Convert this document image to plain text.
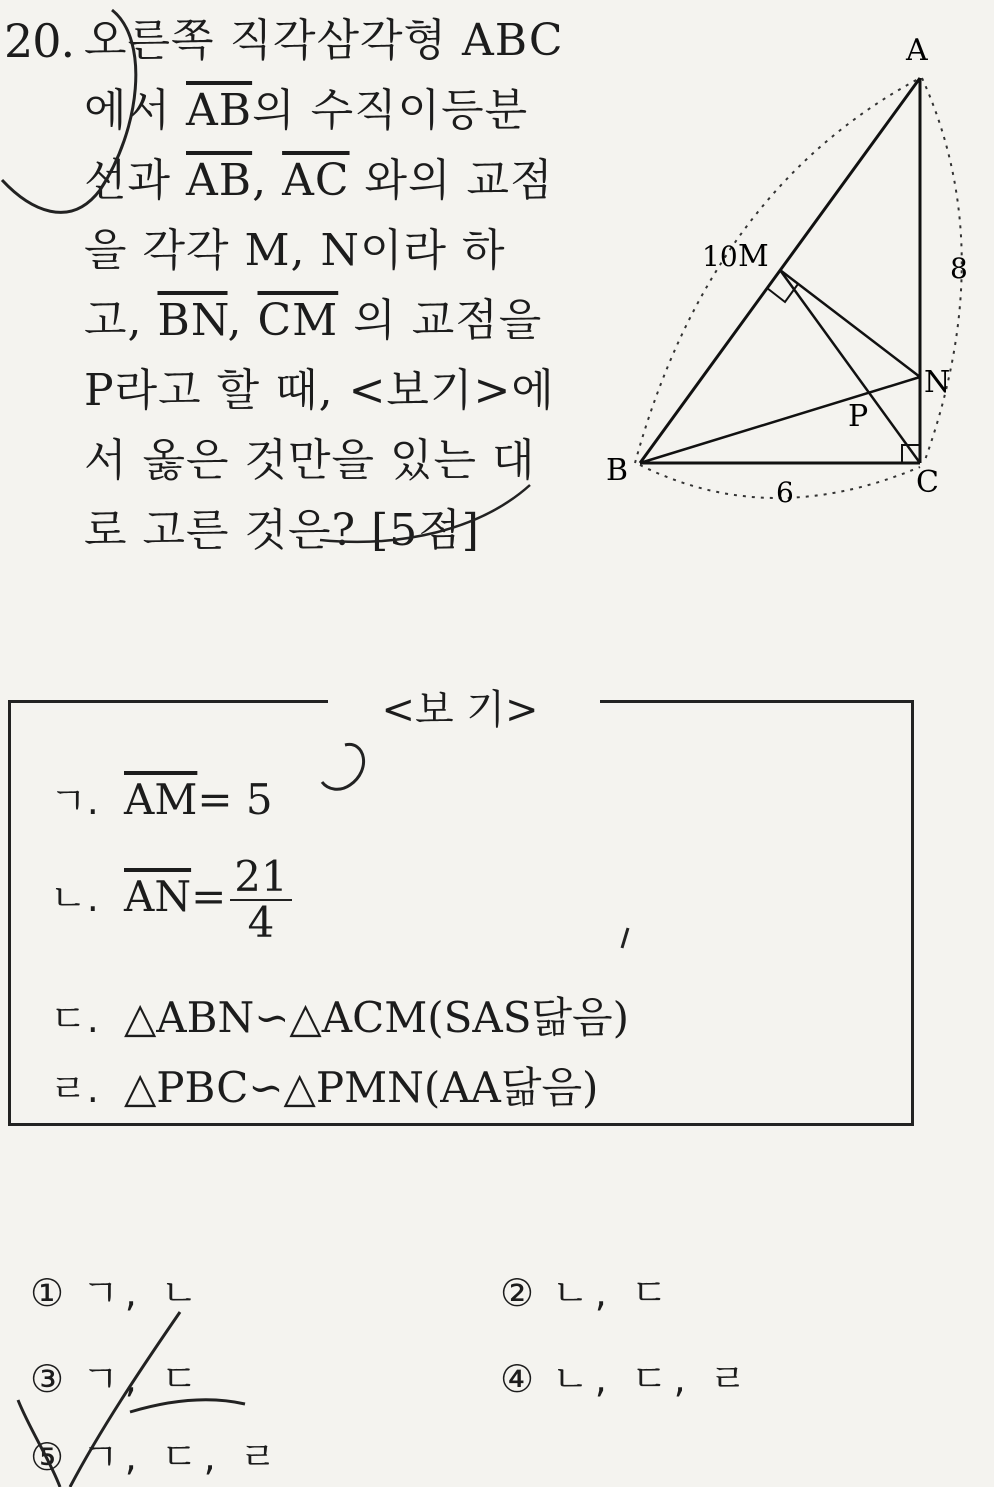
20. 오른쪽 직각삼각형 ABC
에서 $\overline{AB}$의 수직이등분
선과 $\overline{AB}$, $\overline{AC}$ 와의 교점
을 각각 M, N이라 하
고, $\overline{BN}$, $\overline{CM}$ 의 교점을
P라고 할 때, <보기>에
서 옳은 것만을 있는 대
로 고른 것은? [5점]
A
B	C
10 M	8
N
P
6
<보 기>
ㄱ. $\overline{AM}= 5$
ㄴ. $\overline{AN}= \frac{21}{4}$
ㄷ. △ABN∽△ACM(SAS닮음)
ㄹ. △PBC∽△PMN(AA닮음)
① ㄱ, ㄴ	② ㄴ, ㄷ
③ ㄱ, ㄷ	④ ㄴ, ㄷ, ㄹ
⑤ ㄱ, ㄷ, ㄹ
